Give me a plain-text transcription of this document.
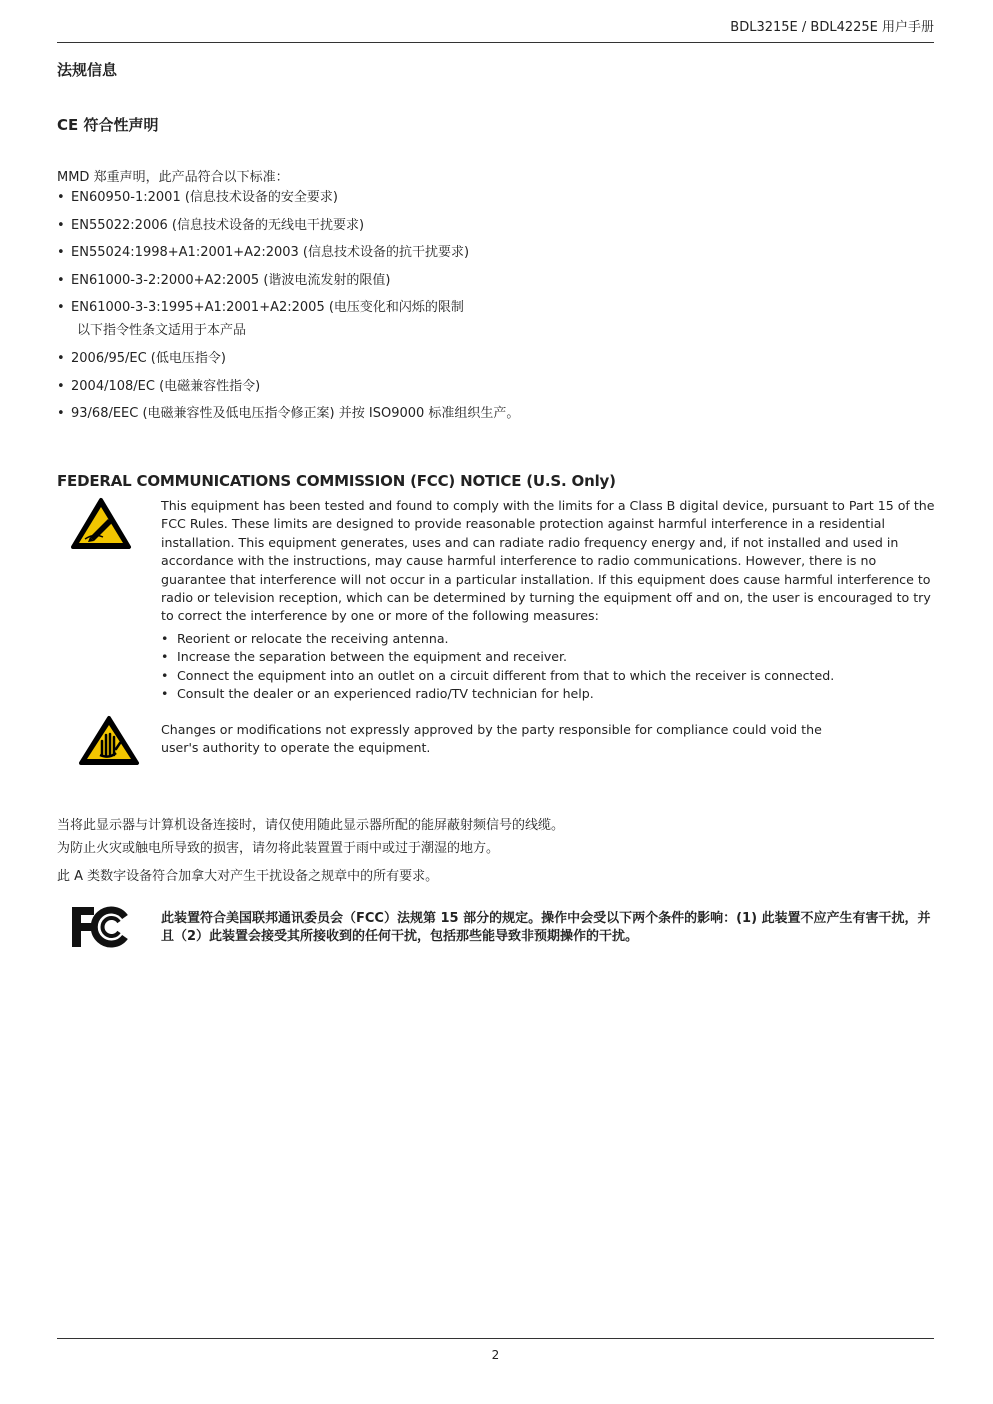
BDL3215E / BDL4225E 用户手册
法规信息
CE 符合性声明

MMD 郑重声明，此产品符合以下标准：

• EN60950-1:2001 (信息技术设备的安全要求)
• EN55022:2006 (信息技术设备的无线电干扰要求)
• EN55024:1998+A1:2001+A2:2003 (信息技术设备的抗干扰要求)
• EN61000-3-2:2000+A2:2005 (谐波电流发射的限值)
• EN61000-3-3:1995+A1:2001+A2:2005 (电压变化和闪烁的限制
以下指令性条文适用于本产品
• 2006/95/EC (低电压指令)
• 2004/108/EC (电磁兼容性指令)
• 93/68/EEC (电磁兼容性及低电压指令修正案) 并按 ISO9000 标准组织生产。
FEDERAL COMMUNICATIONS COMMISSION (FCC) NOTICE (U.S. Only)

This equipment has been tested and found to comply with the limits for a Class B digital device, pursuant to Part 15 of the FCC Rules. These limits are designed to provide reasonable protection against harmful interference in a residential installation. This equipment generates, uses and can radiate radio frequency energy and, if not installed and used in accordance with the instructions, may cause harmful interference to radio communications. However, there is no guarantee that interference will not occur in a particular installation. If this equipment does cause harmful interference to radio or television reception, which can be determined by turning the equipment off and on, the user is encouraged to try to correct the interference by one or more of the following measures:

• Reorient or relocate the receiving antenna.
• Increase the separation between the equipment and receiver.
• Connect the equipment into an outlet on a circuit different from that to which the receiver is connected.
• Consult the dealer or an experienced radio/TV technician for help.

Changes or modifications not expressly approved by the party responsible for compliance could void the user's authority to operate the equipment.

当将此显示器与计算机设备连接时，请仅使用随此显示器所配的能屏蔽射频信号的线缆。

为防止火灾或触电所导致的损害，请勿将此装置置于雨中或过于潮湿的地方。

此 A 类数字设备符合加拿大对产生干扰设备之规章中的所有要求。

此装置符合美国联邦通讯委员会（FCC）法规第 15 部分的规定。操作中会受以下两个条件的影响：(1) 此装置不应产生有害干扰，并且（2）此装置会接受其所接收到的任何干扰，包括那些能导致非预期操作的干扰。

2
